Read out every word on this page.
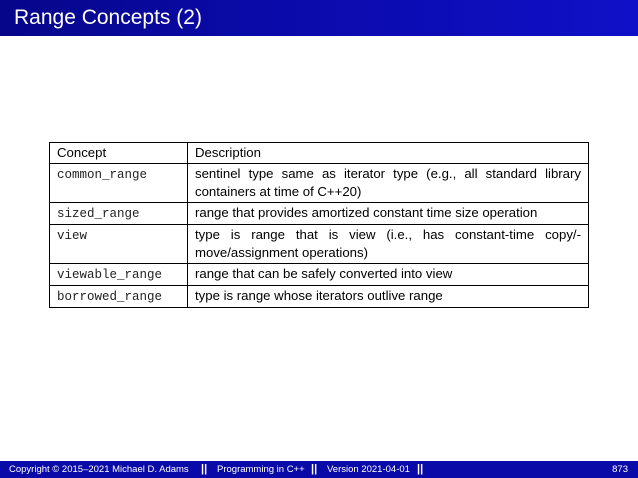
Range Concepts (2)
Concept	Description
common_range	sentinel type same as iterator type (e.g., all standard library containers at time of C++20)
sized_range	range that provides amortized constant time size operation
view	type is range that is view (i.e., has constant-time copy/-move/assignment operations)
viewable_range	range that can be safely converted into view
borrowed_range	type is range whose iterators outlive range
Copyright © 2015–2021 Michael D. Adams || Programming in C++ || Version 2021-04-01 ||	873
